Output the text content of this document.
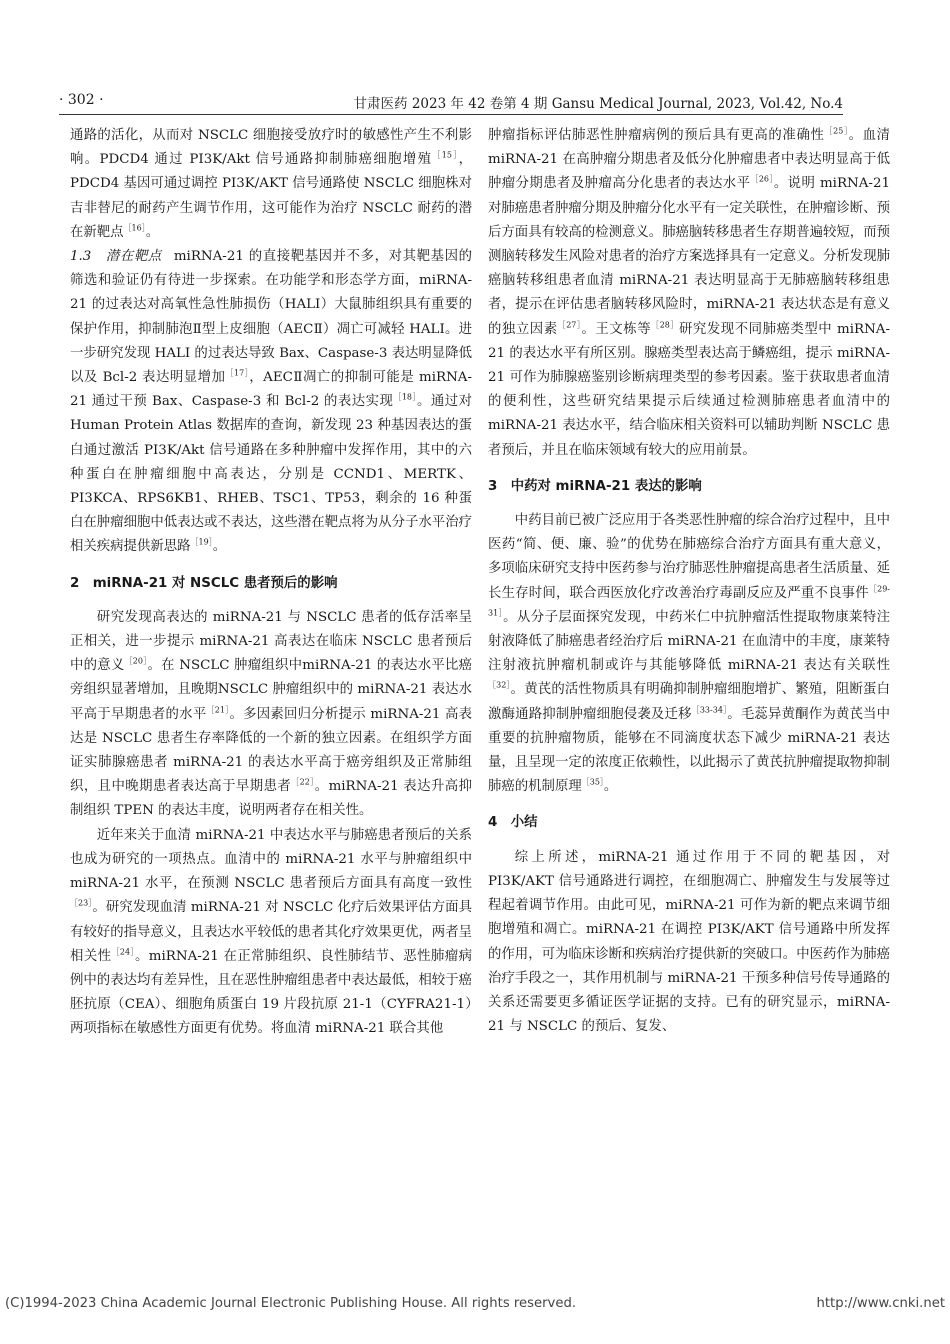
· 302 ·	甘肃医药 2023 年 42 卷第 4 期 Gansu Medical Journal, 2023, Vol.42, No.4

通路的活化，从而对 NSCLC 细胞接受放疗时的敏感性产生不利影响。PDCD4 通过 PI3K/Akt 信号通路抑制肺癌细胞增殖$^{[15]}$，PDCD4 基因可通过调控 PI3K/AKT 信号通路使 NSCLC 细胞株对吉非替尼的耐药产生调节作用，这可能作为治疗 NSCLC 耐药的潜在新靶点$^{[16]}$。

1.3　潜在靶点 miRNA-21 的直接靶基因并不多，对其靶基因的筛选和验证仍有待进一步探索。在功能学和形态学方面，miRNA-21 的过表达对高氧性急性肺损伤（HALI）大鼠肺组织具有重要的保护作用，抑制肺泡Ⅱ型上皮细胞（AECⅡ）凋亡可减轻 HALI。进一步研究发现 HALI 的过表达导致 Bax、Caspase-3 表达明显降低以及 Bcl-2 表达明显增加$^{[17]}$，AECⅡ凋亡的抑制可能是 miRNA-21 通过干预 Bax、Caspase-3 和 Bcl-2 的表达实现$^{[18]}$。通过对 Human Protein Atlas 数据库的查询，新发现 23 种基因表达的蛋白通过激活 PI3K/Akt 信号通路在多种肿瘤中发挥作用，其中的六种蛋白在肿瘤细胞中高表达，分别是 CCND1、MERTK、PI3KCA、RPS6KB1、RHEB、TSC1、TP53，剩余的 16 种蛋白在肿瘤细胞中低表达或不表达，这些潜在靶点将为从分子水平治疗相关疾病提供新思路$^{[19]}$。

2　miRNA-21 对 NSCLC 患者预后的影响

研究发现高表达的 miRNA-21 与 NSCLC 患者的低存活率呈正相关，进一步提示 miRNA-21 高表达在临床 NSCLC 患者预后中的意义$^{[20]}$。在 NSCLC 肿瘤组织中miRNA-21 的表达水平比癌旁组织显著增加，且晚期NSCLC 肿瘤组织中的 miRNA-21 表达水平高于早期患者的水平$^{[21]}$。多因素回归分析提示 miRNA-21 高表达是 NSCLC 患者生存率降低的一个新的独立因素。在组织学方面证实肺腺癌患者 miRNA-21 的表达水平高于癌旁组织及正常肺组织，且中晚期患者表达高于早期患者$^{[22]}$。miRNA-21 表达升高抑制组织 TPEN 的表达丰度，说明两者存在相关性。

近年来关于血清 miRNA-21 中表达水平与肺癌患者预后的关系也成为研究的一项热点。血清中的 miRNA-21 水平与肿瘤组织中 miRNA-21 水平，在预测 NSCLC 患者预后方面具有高度一致性$^{[23]}$。研究发现血清 miRNA-21 对 NSCLC 化疗后效果评估方面具有较好的指导意义，且表达水平较低的患者其化疗效果更优，两者呈相关性$^{[24]}$。miRNA-21 在正常肺组织、良性肺结节、恶性肺瘤病例中的表达均有差异性，且在恶性肿瘤组患者中表达最低，相较于癌胚抗原（CEA）、细胞角质蛋白 19 片段抗原 21-1（CYFRA21-1）两项指标在敏感性方面更有优势。将血清 miRNA-21 联合其他

肿瘤指标评估肺恶性肿瘤病例的预后具有更高的准确性$^{[25]}$。血清 miRNA-21 在高肿瘤分期患者及低分化肿瘤患者中表达明显高于低肿瘤分期患者及肿瘤高分化患者的表达水平$^{[26]}$。说明 miRNA-21 对肺癌患者肿瘤分期及肿瘤分化水平有一定关联性，在肿瘤诊断、预后方面具有较高的检测意义。肺癌脑转移患者生存期普遍较短，而预测脑转移发生风险对患者的治疗方案选择具有一定意义。分析发现肺癌脑转移组患者血清 miRNA-21 表达明显高于无肺癌脑转移组患者，提示在评估患者脑转移风险时，miRNA-21 表达状态是有意义的独立因素$^{[27]}$。王文栋等$^{[28]}$研究发现不同肺癌类型中 miRNA-21 的表达水平有所区别。腺癌类型表达高于鳞癌组，提示 miRNA-21 可作为肺腺癌鉴别诊断病理类型的参考因素。鉴于获取患者血清的便利性，这些研究结果提示后续通过检测肺癌患者血清中的 miRNA-21 表达水平，结合临床相关资料可以辅助判断 NSCLC 患者预后，并且在临床领域有较大的应用前景。

3　中药对 miRNA-21 表达的影响

中药目前已被广泛应用于各类恶性肿瘤的综合治疗过程中，且中医药“简、便、廉、验”的优势在肺癌综合治疗方面具有重大意义，多项临床研究支持中医药参与治疗肺恶性肿瘤提高患者生活质量、延长生存时间，联合西医放化疗改善治疗毒副反应及严重不良事件$^{[29-31]}$。从分子层面探究发现，中药米仁中抗肿瘤活性提取物康莱特注射液降低了肺癌患者经治疗后 miRNA-21 在血清中的丰度，康莱特注射液抗肿瘤机制或许与其能够降低 miRNA-21 表达有关联性$^{[32]}$。黄芪的活性物质具有明确抑制肿瘤细胞增扩、繁殖，阻断蛋白激酶通路抑制肿瘤细胞侵袭及迁移$^{[33-34]}$。毛蕊异黄酮作为黄芪当中重要的抗肿瘤物质，能够在不同滴度状态下减少 miRNA-21 表达量，且呈现一定的浓度正依赖性，以此揭示了黄芪抗肿瘤提取物抑制肺癌的机制原理$^{[35]}$。

4　小结

综上所述，miRNA-21 通过作用于不同的靶基因，对 PI3K/AKT 信号通路进行调控，在细胞凋亡、肿瘤发生与发展等过程起着调节作用。由此可见，miRNA-21 可作为新的靶点来调节细胞增殖和凋亡。miRNA-21 在调控 PI3K/AKT 信号通路中所发挥的作用，可为临床诊断和疾病治疗提供新的突破口。中医药作为肺癌治疗手段之一，其作用机制与 miRNA-21 干预多种信号传导通路的关系还需要更多循证医学证据的支持。已有的研究显示，miRNA-21 与 NSCLC 的预后、复发、

(C)1994-2023 China Academic Journal Electronic Publishing House. All rights reserved.	http://www.cnki.net
